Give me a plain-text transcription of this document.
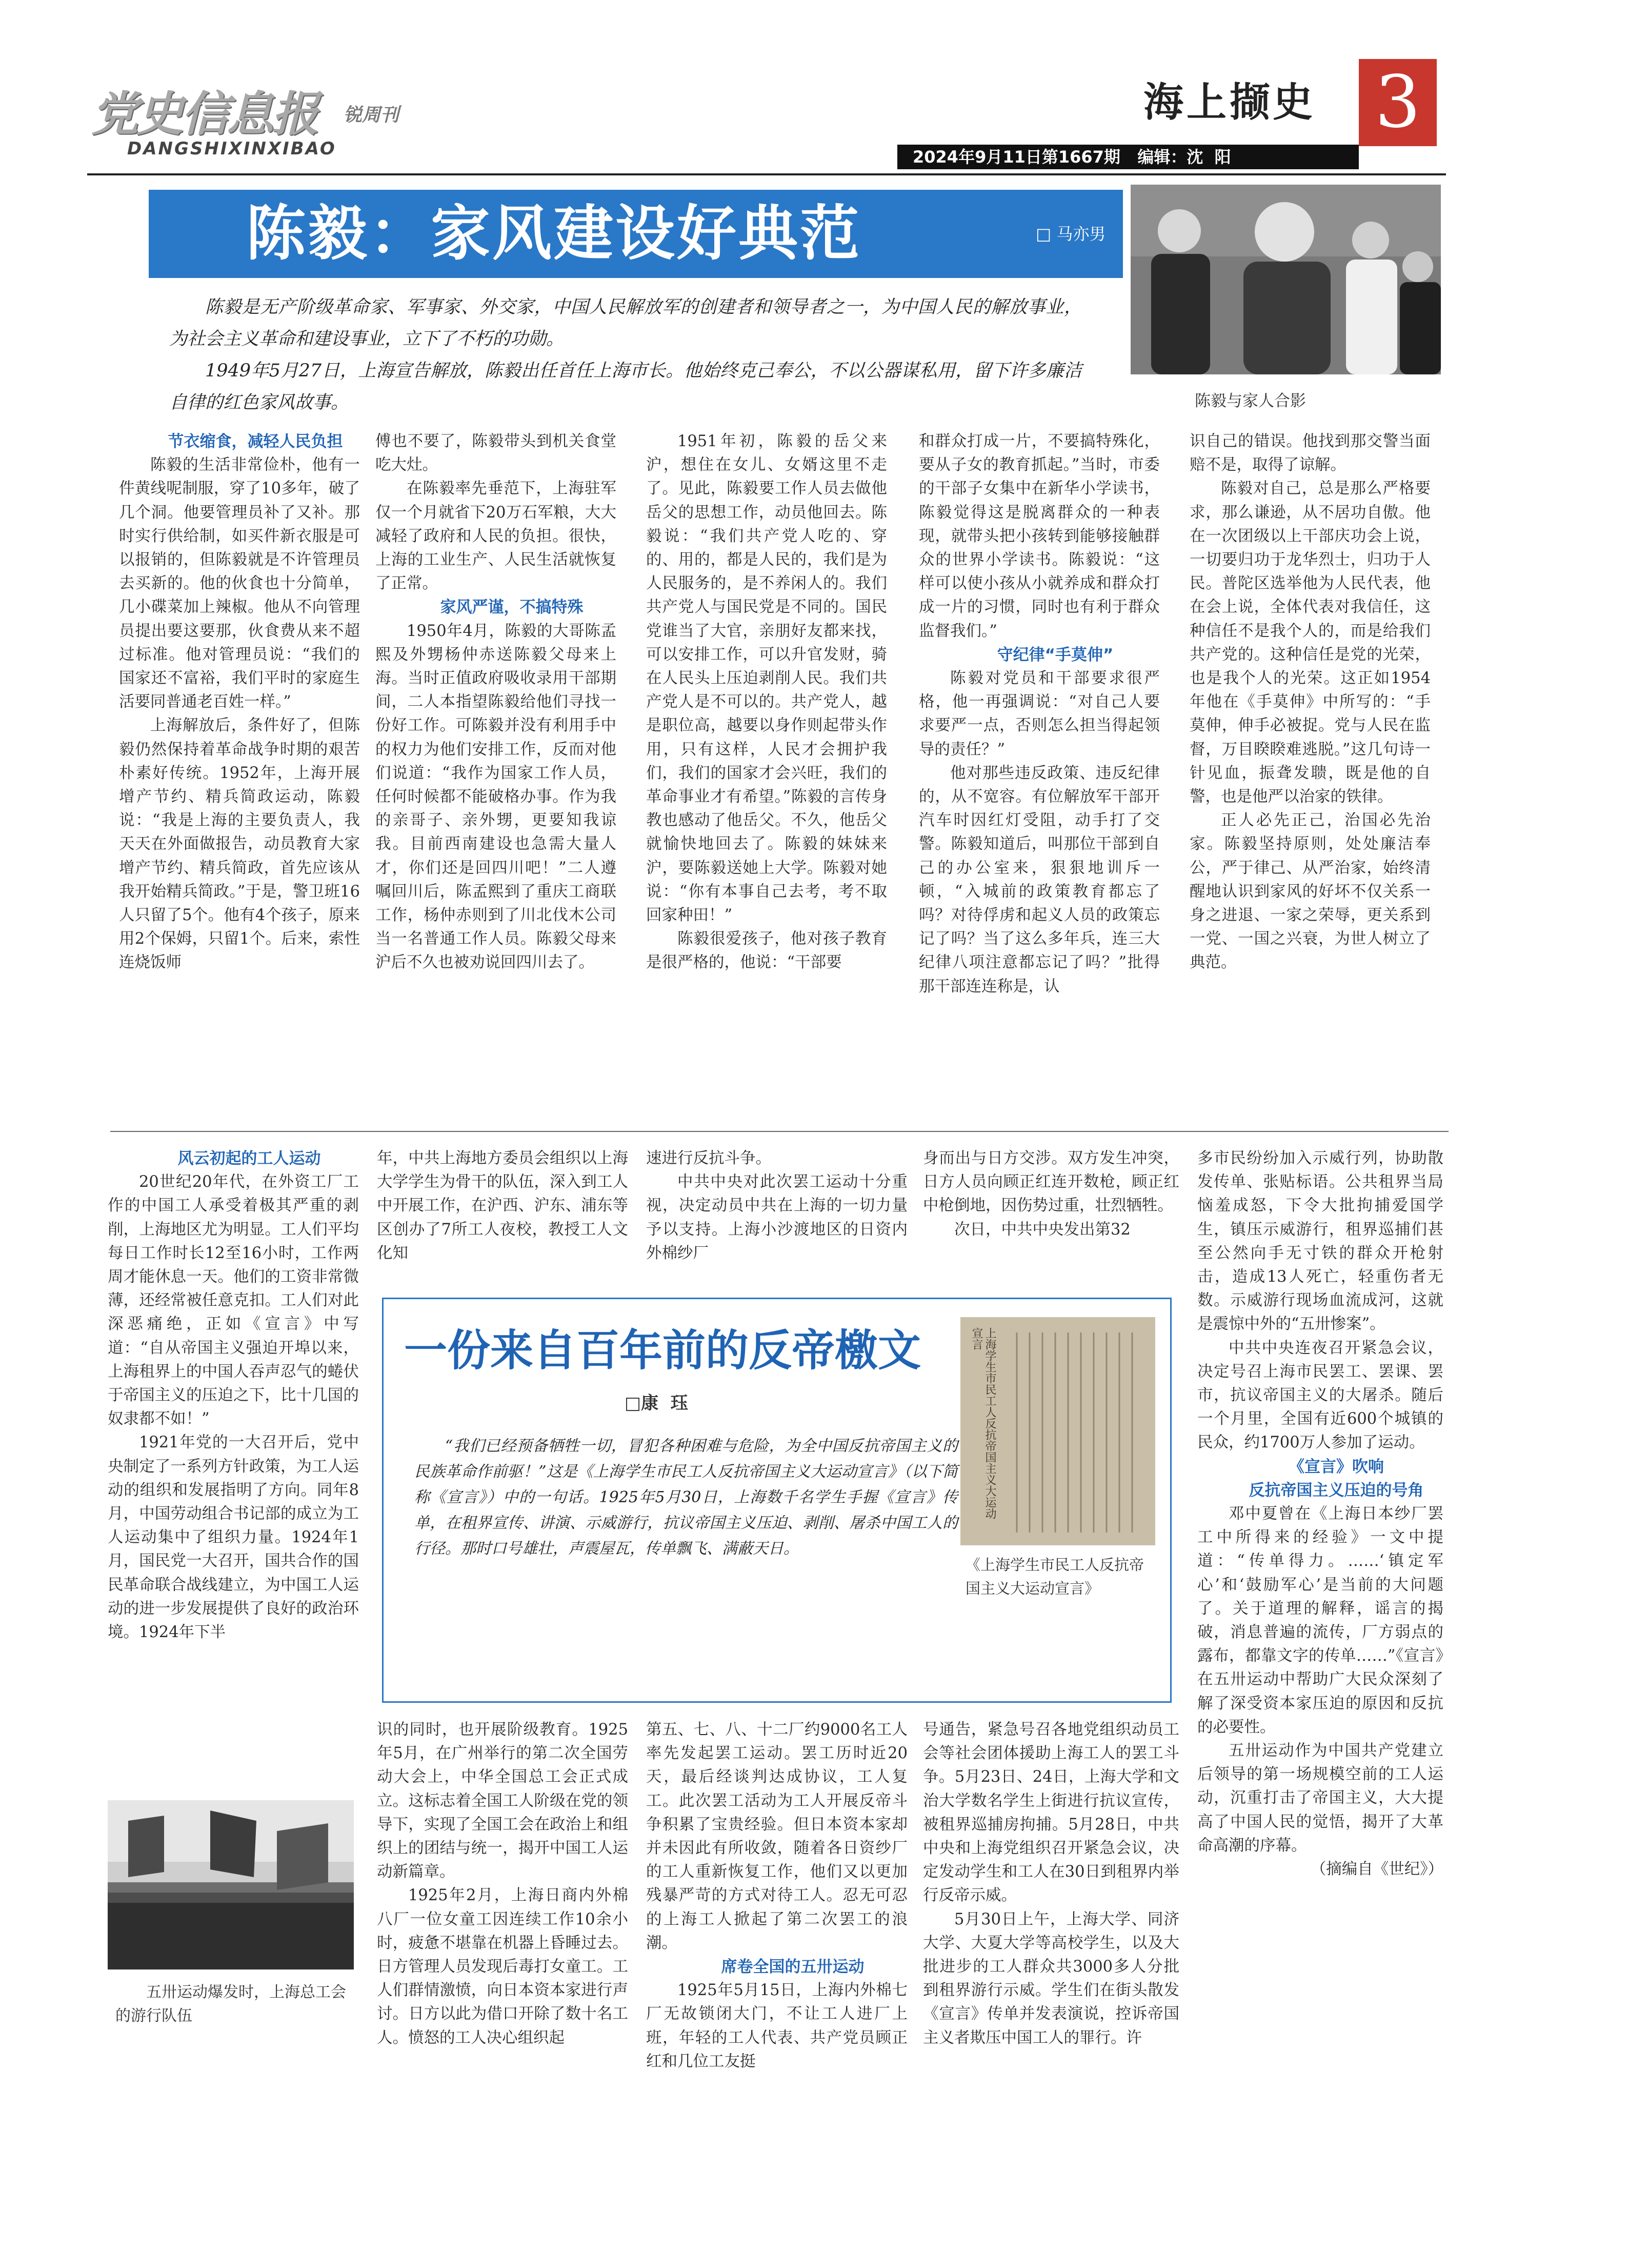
党史信息报 锐周刊
DANGSHIXINXIBAO
海上撷史 3
2024年9月11日第1667期   编辑：沈  阳
陈毅：家风建设好典范	□ 马亦男

陈毅是无产阶级革命家、军事家、外交家，中国人民解放军的创建者和领导者之一，为中国人民的解放事业，为社会主义革命和建设事业，立下了不朽的功勋。

1949年5月27日，上海宣告解放，陈毅出任首任上海市长。他始终克己奉公，不以公器谋私用，留下许多廉洁自律的红色家风故事。	陈毅与家人合影

节衣缩食，减轻人民负担

陈毅的生活非常俭朴，他有一件黄线呢制服，穿了10多年，破了几个洞。他要管理员补了又补。那时实行供给制，如买件新衣服是可以报销的，但陈毅就是不许管理员去买新的。他的伙食也十分简单，几小碟菜加上辣椒。他从不向管理员提出要这要那，伙食费从来不超过标准。他对管理员说：“我们的国家还不富裕，我们平时的家庭生活要同普通老百姓一样。”

上海解放后，条件好了，但陈毅仍然保持着革命战争时期的艰苦朴素好传统。1952年，上海开展增产节约、精兵简政运动，陈毅说：“我是上海的主要负责人，我天天在外面做报告，动员教育大家增产节约、精兵简政，首先应该从我开始精兵简政。”于是，警卫班16人只留了5个。他有4个孩子，原来用2个保姆，只留1个。后来，索性连烧饭师

傅也不要了，陈毅带头到机关食堂吃大灶。

在陈毅率先垂范下，上海驻军仅一个月就省下20万石军粮，大大减轻了政府和人民的负担。很快，上海的工业生产、人民生活就恢复了正常。

家风严谨，不搞特殊

1950年4月，陈毅的大哥陈孟熙及外甥杨仲赤送陈毅父母来上海。当时正值政府吸收录用干部期间，二人本指望陈毅给他们寻找一份好工作。可陈毅并没有利用手中的权力为他们安排工作，反而对他们说道：“我作为国家工作人员，任何时候都不能破格办事。作为我的亲哥子、亲外甥，更要知我谅我。目前西南建设也急需大量人才，你们还是回四川吧！”二人遵嘱回川后，陈孟熙到了重庆工商联工作，杨仲赤则到了川北伐木公司当一名普通工作人员。陈毅父母来沪后不久也被劝说回四川去了。

1951年初，陈毅的岳父来沪，想住在女儿、女婿这里不走了。见此，陈毅要工作人员去做他岳父的思想工作，动员他回去。陈毅说：“我们共产党人吃的、穿的、用的，都是人民的，我们是为人民服务的，是不养闲人的。我们共产党人与国民党是不同的。国民党谁当了大官，亲朋好友都来找，可以安排工作，可以升官发财，骑在人民头上压迫剥削人民。我们共产党人是不可以的。共产党人，越是职位高，越要以身作则起带头作用，只有这样，人民才会拥护我们，我们的国家才会兴旺，我们的革命事业才有希望。”陈毅的言传身教也感动了他岳父。不久，他岳父就愉快地回去了。陈毅的妹妹来沪，要陈毅送她上大学。陈毅对她说：“你有本事自己去考，考不取回家种田！”

陈毅很爱孩子，他对孩子教育是很严格的，他说：“干部要

和群众打成一片，不要搞特殊化，要从子女的教育抓起。”当时，市委的干部子女集中在新华小学读书，陈毅觉得这是脱离群众的一种表现，就带头把小孩转到能够接触群众的世界小学读书。陈毅说：“这样可以使小孩从小就养成和群众打成一片的习惯，同时也有利于群众监督我们。”

守纪律“手莫伸”

陈毅对党员和干部要求很严格，他一再强调说：“对自己人要求要严一点，否则怎么担当得起领导的责任？”

他对那些违反政策、违反纪律的，从不宽容。有位解放军干部开汽车时因红灯受阻，动手打了交警。陈毅知道后，叫那位干部到自己的办公室来，狠狠地训斥一顿，“入城前的政策教育都忘了吗？对待俘虏和起义人员的政策忘记了吗？当了这么多年兵，连三大纪律八项注意都忘记了吗？”批得那干部连连称是，认

识自己的错误。他找到那交警当面赔不是，取得了谅解。

陈毅对自己，总是那么严格要求，那么谦逊，从不居功自傲。他在一次团级以上干部庆功会上说，一切要归功于龙华烈士，归功于人民。普陀区选举他为人民代表，他在会上说，全体代表对我信任，这种信任不是我个人的，而是给我们共产党的。这种信任是党的光荣，也是我个人的光荣。这正如1954年他在《手莫伸》中所写的：“手莫伸，伸手必被捉。党与人民在监督，万目睽睽难逃脱。”这几句诗一针见血，振聋发聩，既是他的自警，也是他严以治家的铁律。

正人必先正己，治国必先治家。陈毅坚持原则，处处廉洁奉公，严于律己、从严治家，始终清醒地认识到家风的好坏不仅关系一身之进退、一家之荣辱，更关系到一党、一国之兴衰，为世人树立了典范。

风云初起的工人运动

20世纪20年代，在外资工厂工作的中国工人承受着极其严重的剥削，上海地区尤为明显。工人们平均每日工作时长12至16小时，工作两周才能休息一天。他们的工资非常微薄，还经常被任意克扣。工人们对此深恶痛绝，正如《宣言》中写道：“自从帝国主义强迫开埠以来，上海租界上的中国人吞声忍气的蜷伏于帝国主义的压迫之下，比十几国的奴隶都不如！”

1921年党的一大召开后，党中央制定了一系列方针政策，为工人运动的组织和发展指明了方向。同年8月，中国劳动组合书记部的成立为工人运动集中了组织力量。1924年1月，国民党一大召开，国共合作的国民革命联合战线建立，为中国工人运动的进一步发展提供了良好的政治环境。1924年下半

五卅运动爆发时，上海总工会的游行队伍

年，中共上海地方委员会组织以上海大学学生为骨干的队伍，深入到工人中开展工作，在沪西、沪东、浦东等区创办了7所工人夜校，教授工人文化知

速进行反抗斗争。

中共中央对此次罢工运动十分重视，决定动员中共在上海的一切力量予以支持。上海小沙渡地区的日资内外棉纱厂

身而出与日方交涉。双方发生冲突，日方人员向顾正红连开数枪，顾正红中枪倒地，因伤势过重，壮烈牺牲。

次日，中共中央发出第32

一份来自百年前的反帝檄文
□康  珏
“我们已经预备牺牲一切，冒犯各种困难与危险，为全中国反抗帝国主义的民族革命作前驱！”这是《上海学生市民工人反抗帝国主义大运动宣言》（以下简称《宣言》）中的一句话。1925年5月30日，上海数千名学生手握《宣言》传单，在租界宣传、讲演、示威游行，抗议帝国主义压迫、剥削、屠杀中国工人的行径。那时口号雄壮，声震屋瓦，传单飘飞、满蔽天日。
上海学生市民工人反抗帝国主义大运动宣言
《上海学生市民工人反抗帝国主义大运动宣言》

识的同时，也开展阶级教育。1925年5月，在广州举行的第二次全国劳动大会上，中华全国总工会正式成立。这标志着全国工人阶级在党的领导下，实现了全国工会在政治上和组织上的团结与统一，揭开中国工人运动新篇章。

1925年2月，上海日商内外棉八厂一位女童工因连续工作10余小时，疲惫不堪靠在机器上昏睡过去。日方管理人员发现后毒打女童工。工人们群情激愤，向日本资本家进行声讨。日方以此为借口开除了数十名工人。愤怒的工人决心组织起

第五、七、八、十二厂约9000名工人率先发起罢工运动。罢工历时近20天，最后经谈判达成协议，工人复工。此次罢工活动为工人开展反帝斗争积累了宝贵经验。但日本资本家却并未因此有所收敛，随着各日资纱厂的工人重新恢复工作，他们又以更加残暴严苛的方式对待工人。忍无可忍的上海工人掀起了第二次罢工的浪潮。

席卷全国的五卅运动

1925年5月15日，上海内外棉七厂无故锁闭大门，不让工人进厂上班，年轻的工人代表、共产党员顾正红和几位工友挺

号通告，紧急号召各地党组织动员工会等社会团体援助上海工人的罢工斗争。5月23日、24日，上海大学和文治大学数名学生上街进行抗议宣传，被租界巡捕房拘捕。5月28日，中共中央和上海党组织召开紧急会议，决定发动学生和工人在30日到租界内举行反帝示威。

5月30日上午，上海大学、同济大学、大夏大学等高校学生，以及大批进步的工人群众共3000多人分批到租界游行示威。学生们在街头散发《宣言》传单并发表演说，控诉帝国主义者欺压中国工人的罪行。许

多市民纷纷加入示威行列，协助散发传单、张贴标语。公共租界当局恼羞成怒，下令大批拘捕爱国学生，镇压示威游行，租界巡捕们甚至公然向手无寸铁的群众开枪射击，造成13人死亡，轻重伤者无数。示威游行现场血流成河，这就是震惊中外的“五卅惨案”。

中共中央连夜召开紧急会议，决定号召上海市民罢工、罢课、罢市，抗议帝国主义的大屠杀。随后一个月里，全国有近600个城镇的民众，约1700万人参加了运动。

《宣言》吹响

反抗帝国主义压迫的号角

邓中夏曾在《上海日本纱厂罢工中所得来的经验》一文中提道：“传单得力。……‘镇定军心’和‘鼓励军心’是当前的大问题了。关于道理的解释，谣言的揭破，消息普遍的流传，厂方弱点的露布，都靠文字的传单……”《宣言》在五卅运动中帮助广大民众深刻了解了深受资本家压迫的原因和反抗的必要性。

五卅运动作为中国共产党建立后领导的第一场规模空前的工人运动，沉重打击了帝国主义，大大提高了中国人民的觉悟，揭开了大革命高潮的序幕。

（摘编自《世纪》）
